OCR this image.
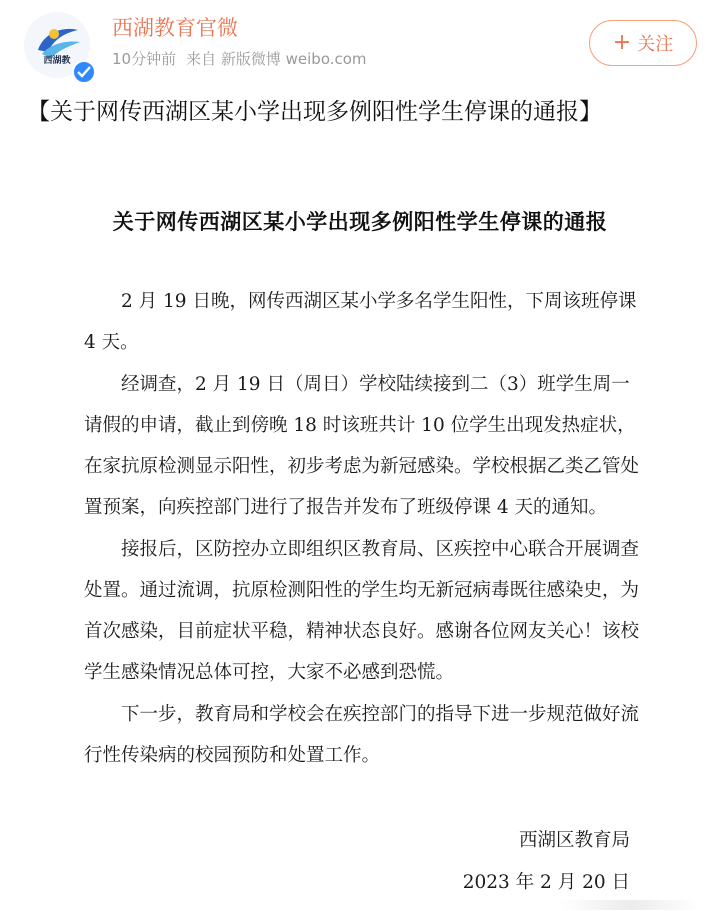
西湖教
西湖教育官微
10分钟前 来自 新版微博 weibo.com
+ 关注
【关于网传西湖区某小学出现多例阳性学生停课的通报】
关于网传西湖区某小学出现多例阳性学生停课的通报
2 月 19 日晚，网传西湖区某小学多名学生阳性，下周该班停课 4 天。
经调查，2 月 19 日（周日）学校陆续接到二（3）班学生周一请假的申请，截止到傍晚 18 时该班共计 10 位学生出现发热症状，在家抗原检测显示阳性，初步考虑为新冠感染。学校根据乙类乙管处置预案，向疾控部门进行了报告并发布了班级停课 4 天的通知。
接报后，区防控办立即组织区教育局、区疾控中心联合开展调查处置。通过流调，抗原检测阳性的学生均无新冠病毒既往感染史，为首次感染，目前症状平稳，精神状态良好。感谢各位网友关心！该校学生感染情况总体可控，大家不必感到恐慌。
下一步，教育局和学校会在疾控部门的指导下进一步规范做好流行性传染病的校园预防和处置工作。
西湖区教育局
2023 年 2 月 20 日
